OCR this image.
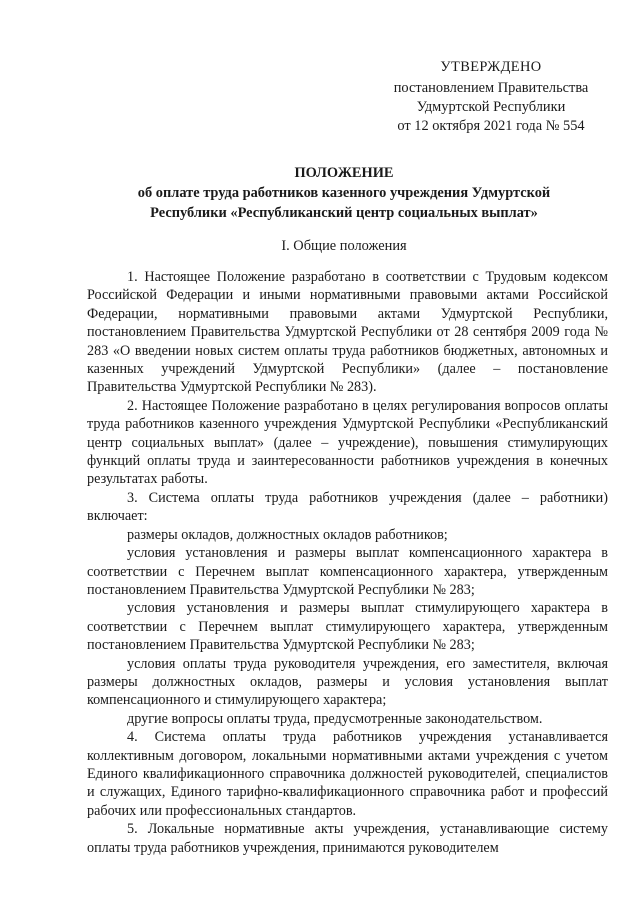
УТВЕРЖДЕНО
постановлением Правительства
Удмуртской Республики
от 12 октября 2021 года № 554
ПОЛОЖЕНИЕ
об оплате труда работников казенного учреждения Удмуртской
Республики «Республиканский центр социальных выплат»
I. Общие положения

1. Настоящее Положение разработано в соответствии с Трудовым кодексом Российской Федерации и иными нормативными правовыми актами Российской Федерации, нормативными правовыми актами Удмуртской Республики, постановлением Правительства Удмуртской Республики от 28 сентября 2009 года № 283 «О введении новых систем оплаты труда работников бюджетных, автономных и казенных учреждений Удмуртской Республики» (далее – постановление Правительства Удмуртской Республики № 283).

2. Настоящее Положение разработано в целях регулирования вопросов оплаты труда работников казенного учреждения Удмуртской Республики «Республиканский центр социальных выплат» (далее – учреждение), повышения стимулирующих функций оплаты труда и заинтересованности работников учреждения в конечных результатах работы.

3. Система оплаты труда работников учреждения (далее – работники) включает:

размеры окладов, должностных окладов работников;

условия установления и размеры выплат компенсационного характера в соответствии с Перечнем выплат компенсационного характера, утвержденным постановлением Правительства Удмуртской Республики № 283;

условия установления и размеры выплат стимулирующего характера в соответствии с Перечнем выплат стимулирующего характера, утвержденным постановлением Правительства Удмуртской Республики № 283;

условия оплаты труда руководителя учреждения, его заместителя, включая размеры должностных окладов, размеры и условия установления выплат компенсационного и стимулирующего характера;

другие вопросы оплаты труда, предусмотренные законодательством.

4. Система оплаты труда работников учреждения устанавливается коллективным договором, локальными нормативными актами учреждения с учетом Единого квалификационного справочника должностей руководителей, специалистов и служащих, Единого тарифно-квалификационного справочника работ и профессий рабочих или профессиональных стандартов.

5. Локальные нормативные акты учреждения, устанавливающие систему оплаты труда работников учреждения, принимаются руководителем
